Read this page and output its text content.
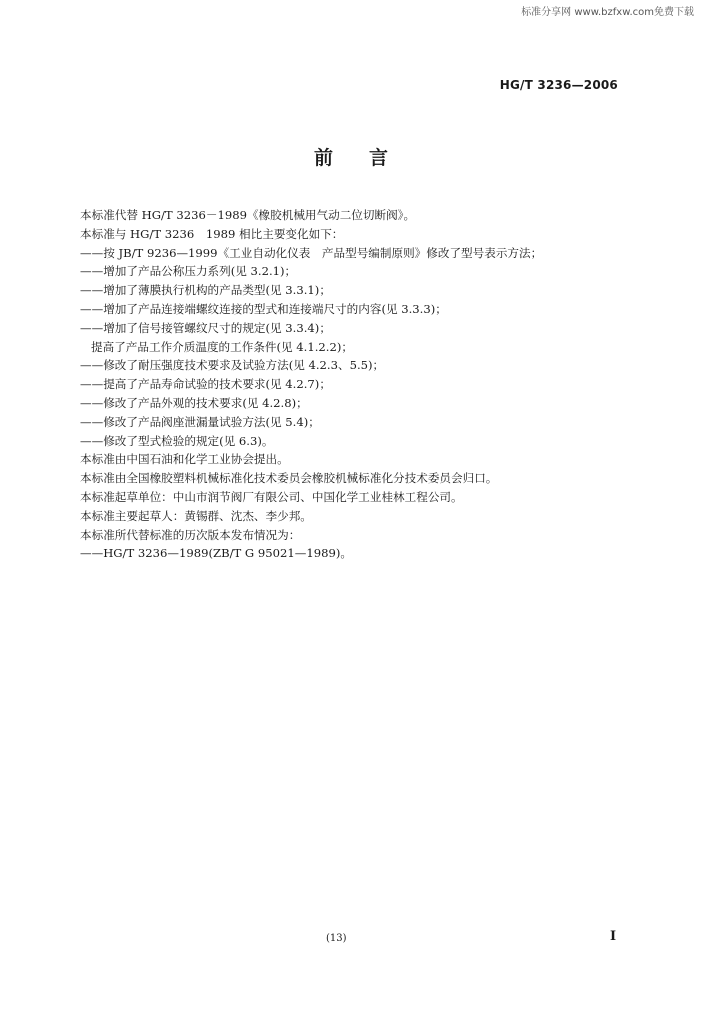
标准分享网 www.bzfxw.com免费下载
HG/T 3236—2006
前言
本标准代替 HG/T 3236－1989《橡胶机械用气动二位切断阀》。
本标准与 HG/T 3236　1989 相比主要变化如下：
——按 JB/T 9236—1999《工业自动化仪表　产品型号编制原则》修改了型号表示方法；
——增加了产品公称压力系列(见 3.2.1)；
——增加了薄膜执行机构的产品类型(见 3.3.1)；
——增加了产品连接端螺纹连接的型式和连接端尺寸的内容(见 3.3.3)；
——增加了信号接管螺纹尺寸的规定(见 3.3.4)；
提高了产品工作介质温度的工作条件(见 4.1.2.2)；
——修改了耐压强度技术要求及试验方法(见 4.2.3、5.5)；
——提高了产品寿命试验的技术要求(见 4.2.7)；
——修改了产品外观的技术要求(见 4.2.8)；
——修改了产品阀座泄漏量试验方法(见 5.4)；
——修改了型式检验的规定(见 6.3)。
本标准由中国石油和化学工业协会提出。
本标准由全国橡胶塑料机械标准化技术委员会橡胶机械标准化分技术委员会归口。
本标准起草单位：中山市润节阀厂有限公司、中国化学工业桂林工程公司。
本标准主要起草人：黄锡群、沈杰、李少邦。
本标准所代替标准的历次版本发布情况为：
——HG/T 3236—1989(ZB/T G 95021—1989)。
(13)	I
